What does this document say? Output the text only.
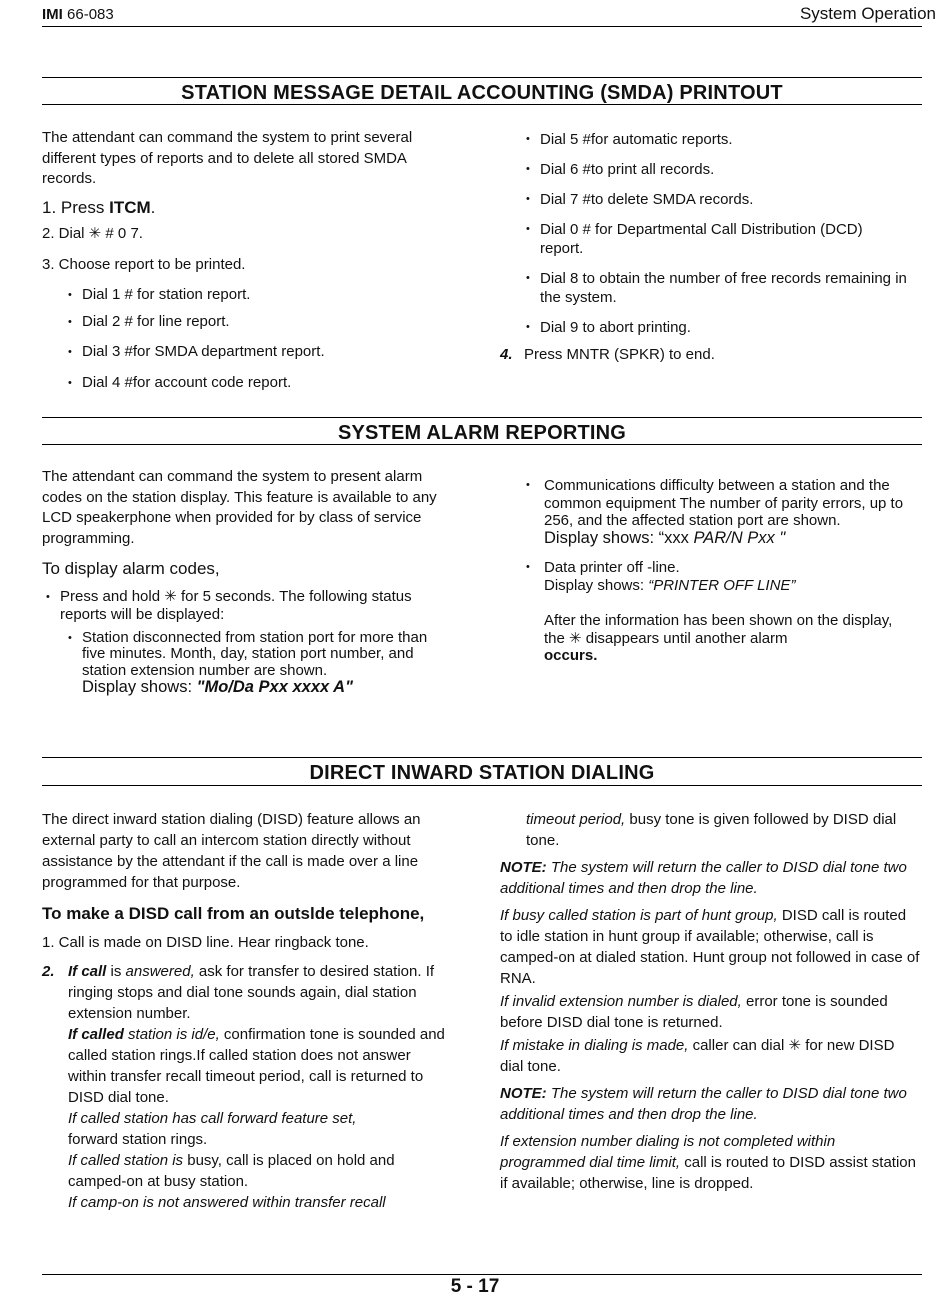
IMI 66-083	System Operation
STATION MESSAGE DETAIL ACCOUNTING (SMDA) PRINTOUT

The attendant can command the system to print several different types of reports and to delete all stored SMDA records.

1. Press ITCM.
2. Dial ✳ # 0 7.
3. Choose report to be printed.
• Dial 1 # for station report.
• Dial 2 # for line report.
• Dial 3 #for SMDA department report.
• Dial 4 #for account code report.
• Dial 5 #for automatic reports.
• Dial 6 #to print all records.
• Dial 7 #to delete SMDA records.
• Dial 0 # for Departmental Call Distribution (DCD) report.
• Dial 8 to obtain the number of free records remaining in the system.
• Dial 9 to abort printing.
4. Press MNTR (SPKR) to end.
SYSTEM ALARM REPORTING

The attendant can command the system to present alarm codes on the station display. This feature is available to any LCD speakerphone when provided for by class of service programming.

To display alarm codes,
• Press and hold ✳ for 5 seconds. The following status reports will be displayed:
• Station disconnected from station port for more than five minutes. Month, day, station port number, and station extension number are shown.
Display shows: "Mo/Da Pxx xxxx A"
• Communications difficulty between a station and the common equipment The number of parity errors, up to 256, and the affected station port are shown.
Display shows: “xxx PAR/N Pxx "
• Data printer off -line.
Display shows: “PRINTER OFF LINE”
After the information has been shown on the display, the ✳ disappears until another alarm
occurs.
DIRECT INWARD STATION DIALING

The direct inward station dialing (DISD) feature allows an external party to call an intercom station directly without assistance by the attendant if the call is made over a line programmed for that purpose.

To make a DISD call from an outslde telephone,
1. Call is made on DISD line. Hear ringback tone.
2. If call is answered, ask for transfer to desired station. If ringing stops and dial tone sounds again, dial station extension number.
If called station is id/e, confirmation tone is sounded and called station rings.If called station does not answer within transfer recall timeout period, call is returned to DISD dial tone.
If called station has call forward feature set,
forward station rings.
If called station is busy, call is placed on hold and camped-on at busy station.
If camp-on is not answered within transfer recall
timeout period, busy tone is given followed by DISD dial tone.
NOTE: The system will return the caller to DISD dial tone two additional times and then drop the line.
If busy called station is part of hunt group, DISD call is routed to idle station in hunt group if available; otherwise, call is camped-on at dialed station. Hunt group not followed in case of RNA.
If invalid extension number is dialed, error tone is sounded before DISD dial tone is returned.
If mistake in dialing is made, caller can dial ✳ for new DISD dial tone.
NOTE: The system will return the caller to DISD dial tone two additional times and then drop the line.
If extension number dialing is not completed within programmed dial time limit, call is routed to DISD assist station if available; otherwise, line is dropped.
5 - 17
